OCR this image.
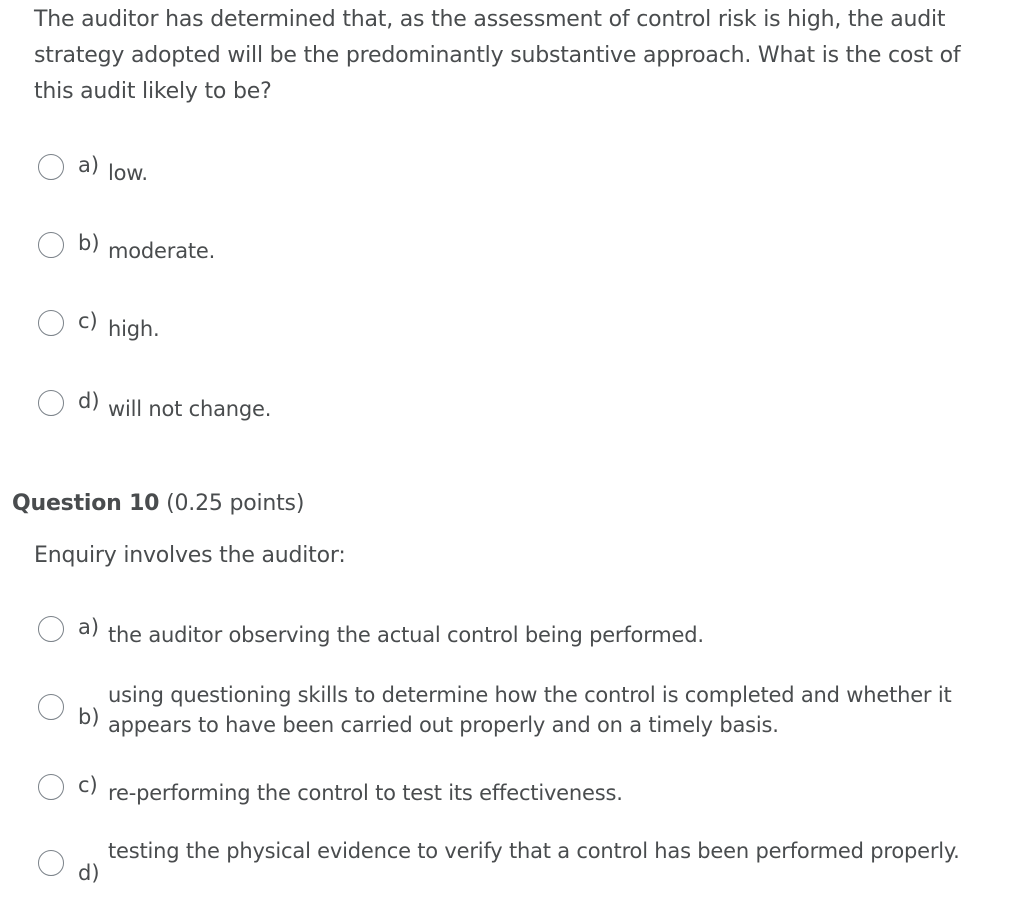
The auditor has determined that, as the assessment of control risk is high, the audit strategy adopted will be the predominantly substantive approach. What is the cost of this audit likely to be?
a) low.
b) moderate.
c) high.
d) will not change.
Question 10 (0.25 points)
Enquiry involves the auditor:
a) the auditor observing the actual control being performed.
b)
using questioning skills to determine how the control is completed and whether it appears to have been carried out properly and on a timely basis.
c) re-performing the control to test its effectiveness.
d)
testing the physical evidence to verify that a control has been performed properly.
